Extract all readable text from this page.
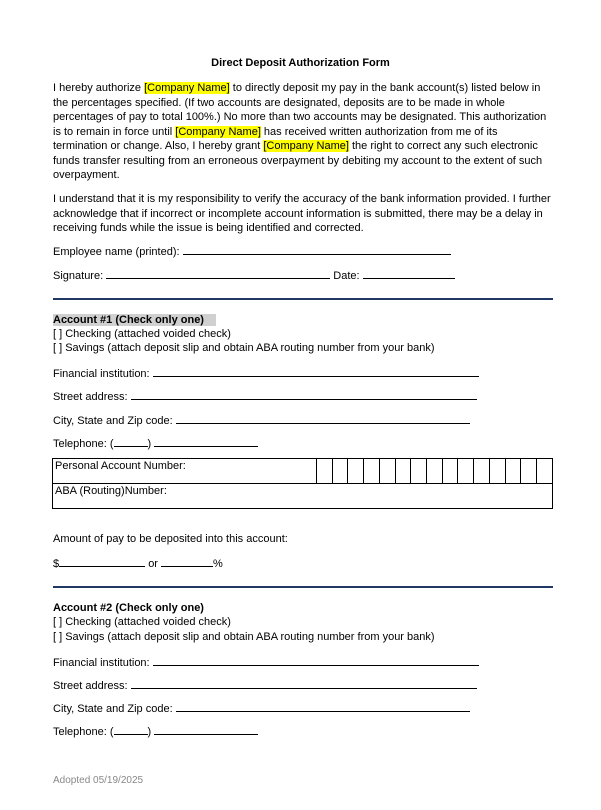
Direct Deposit Authorization Form
I hereby authorize [Company Name] to directly deposit my pay in the bank account(s) listed below in the percentages specified. (If two accounts are designated, deposits are to be made in whole percentages of pay to total 100%.) No more than two accounts may be designated. This authorization is to remain in force until [Company Name] has received written authorization from me of its termination or change. Also, I hereby grant [Company Name] the right to correct any such electronic funds transfer resulting from an erroneous overpayment by debiting my account to the extent of such overpayment.
I understand that it is my responsibility to verify the accuracy of the bank information provided. I further acknowledge that if incorrect or incomplete account information is submitted, there may be a delay in receiving funds while the issue is being identified and corrected.
Employee name (printed):
Signature:	Date:
Account #1 (Check only one)
[ ] Checking (attached voided check)
[ ] Savings (attach deposit slip and obtain ABA routing number from your bank)
Financial institution:
Street address:
City, State and Zip code:
Telephone: (	)
Personal Account Number:															
ABA (Routing)Number:
Amount of pay to be deposited into this account:
$	or	%
Account #2 (Check only one)
[ ] Checking (attached voided check)
[ ] Savings (attach deposit slip and obtain ABA routing number from your bank)
Financial institution:
Street address:
City, State and Zip code:
Telephone: (	)
Adopted 05/19/2025
